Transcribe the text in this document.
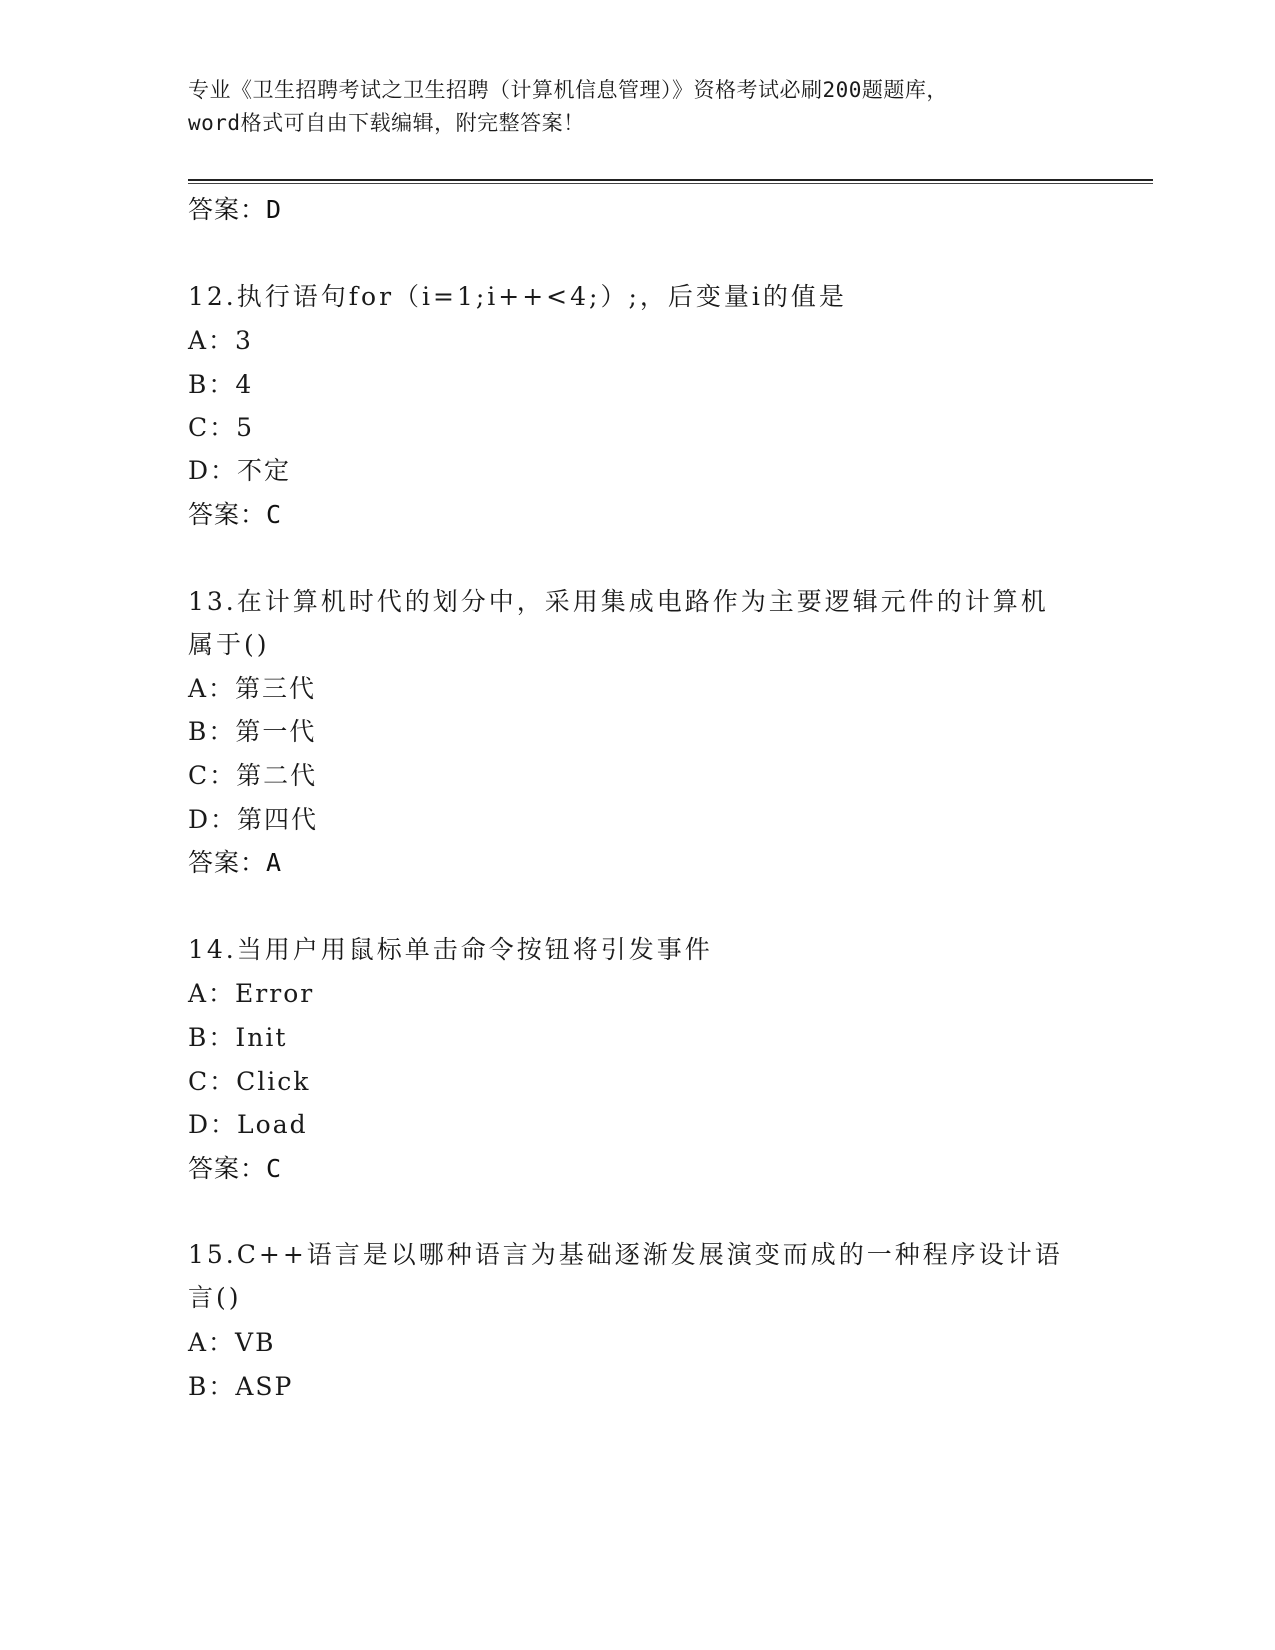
专业《卫生招聘考试之卫生招聘（计算机信息管理）》资格考试必刷200题题库，
word格式可自由下载编辑，附完整答案！
答案：D
12.执行语句for（i=1;i++<4;）;，后变量i的值是
A：3
B：4
C：5
D：不定
答案：C
13.在计算机时代的划分中，采用集成电路作为主要逻辑元件的计算机
属于()
A：第三代
B：第一代
C：第二代
D：第四代
答案：A
14.当用户用鼠标单击命令按钮将引发事件
A：Error
B：Init
C：Click
D：Load
答案：C
15.C++语言是以哪种语言为基础逐渐发展演变而成的一种程序设计语
言()
A：VB
B：ASP
